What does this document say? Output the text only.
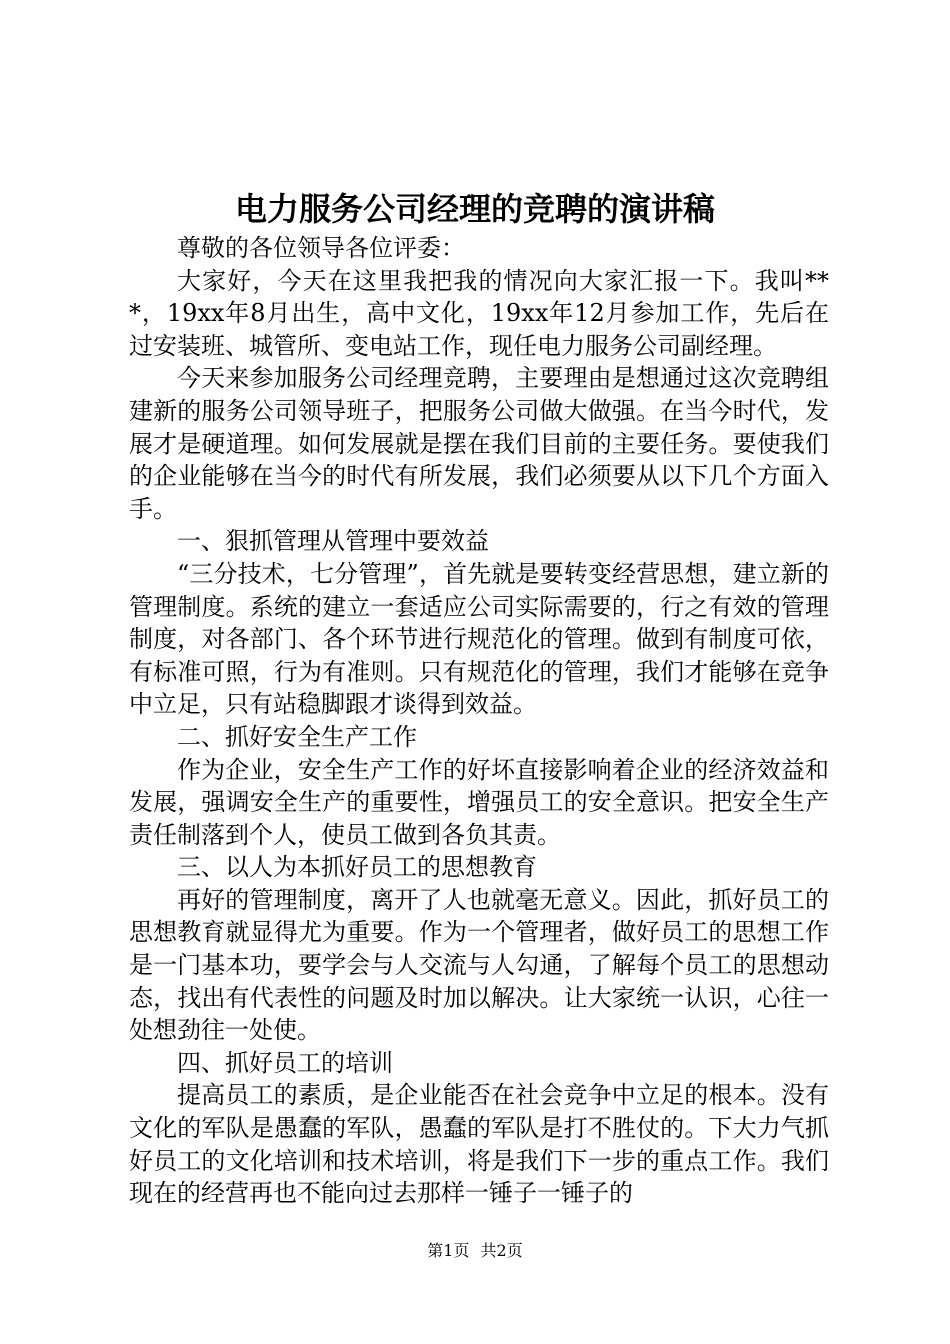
电力服务公司经理的竞聘的演讲稿

尊敬的各位领导各位评委：

大家好，今天在这里我把我的情况向大家汇报一下。我叫***，19xx年8月出生，高中文化，19xx年12月参加工作，先后在过安装班、城管所、变电站工作，现任电力服务公司副经理。

今天来参加服务公司经理竞聘，主要理由是想通过这次竞聘组建新的服务公司领导班子，把服务公司做大做强。在当今时代，发展才是硬道理。如何发展就是摆在我们目前的主要任务。要使我们的企业能够在当今的时代有所发展，我们必须要从以下几个方面入手。

一、狠抓管理从管理中要效益

“三分技术，七分管理”，首先就是要转变经营思想，建立新的管理制度。系统的建立一套适应公司实际需要的，行之有效的管理制度，对各部门、各个环节进行规范化的管理。做到有制度可依，有标准可照，行为有准则。只有规范化的管理，我们才能够在竞争中立足，只有站稳脚跟才谈得到效益。

二、抓好安全生产工作

作为企业，安全生产工作的好坏直接影响着企业的经济效益和发展，强调安全生产的重要性，增强员工的安全意识。把安全生产责任制落到个人，使员工做到各负其责。

三、以人为本抓好员工的思想教育

再好的管理制度，离开了人也就毫无意义。因此，抓好员工的思想教育就显得尤为重要。作为一个管理者，做好员工的思想工作是一门基本功，要学会与人交流与人勾通，了解每个员工的思想动态，找出有代表性的问题及时加以解决。让大家统一认识，心往一处想劲往一处使。

四、抓好员工的培训

提高员工的素质，是企业能否在社会竞争中立足的根本。没有文化的军队是愚蠢的军队，愚蠢的军队是打不胜仗的。下大力气抓好员工的文化培训和技术培训，将是我们下一步的重点工作。我们现在的经营再也不能向过去那样一锤子一锤子的

第1页 共2页
